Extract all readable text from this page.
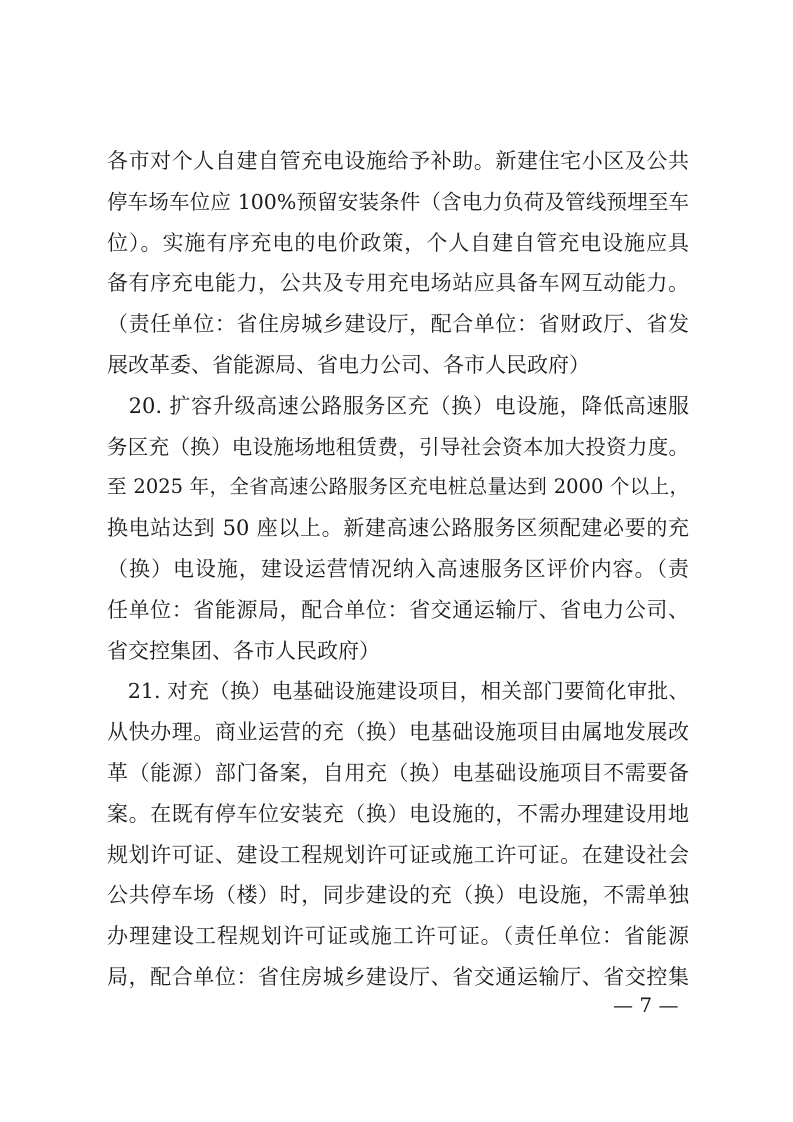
各市对个人自建自管充电设施给予补助。新建住宅小区及公共
停车场车位应 100%预留安装条件（含电力负荷及管线预埋至车
位）。实施有序充电的电价政策，个人自建自管充电设施应具
备有序充电能力，公共及专用充电场站应具备车网互动能力。
（责任单位：省住房城乡建设厅，配合单位：省财政厅、省发
展改革委、省能源局、省电力公司、各市人民政府）
　20. 扩容升级高速公路服务区充（换）电设施，降低高速服
务区充（换）电设施场地租赁费，引导社会资本加大投资力度。
至 2025 年，全省高速公路服务区充电桩总量达到 2000 个以上，
换电站达到 50 座以上。新建高速公路服务区须配建必要的充
（换）电设施，建设运营情况纳入高速服务区评价内容。（责
任单位：省能源局，配合单位：省交通运输厅、省电力公司、
省交控集团、各市人民政府）
　21. 对充（换）电基础设施建设项目，相关部门要简化审批、
从快办理。商业运营的充（换）电基础设施项目由属地发展改
革（能源）部门备案，自用充（换）电基础设施项目不需要备
案。在既有停车位安装充（换）电设施的，不需办理建设用地
规划许可证、建设工程规划许可证或施工许可证。在建设社会
公共停车场（楼）时，同步建设的充（换）电设施，不需单独
办理建设工程规划许可证或施工许可证。（责任单位：省能源
局，配合单位：省住房城乡建设厅、省交通运输厅、省交控集
— 7 —
